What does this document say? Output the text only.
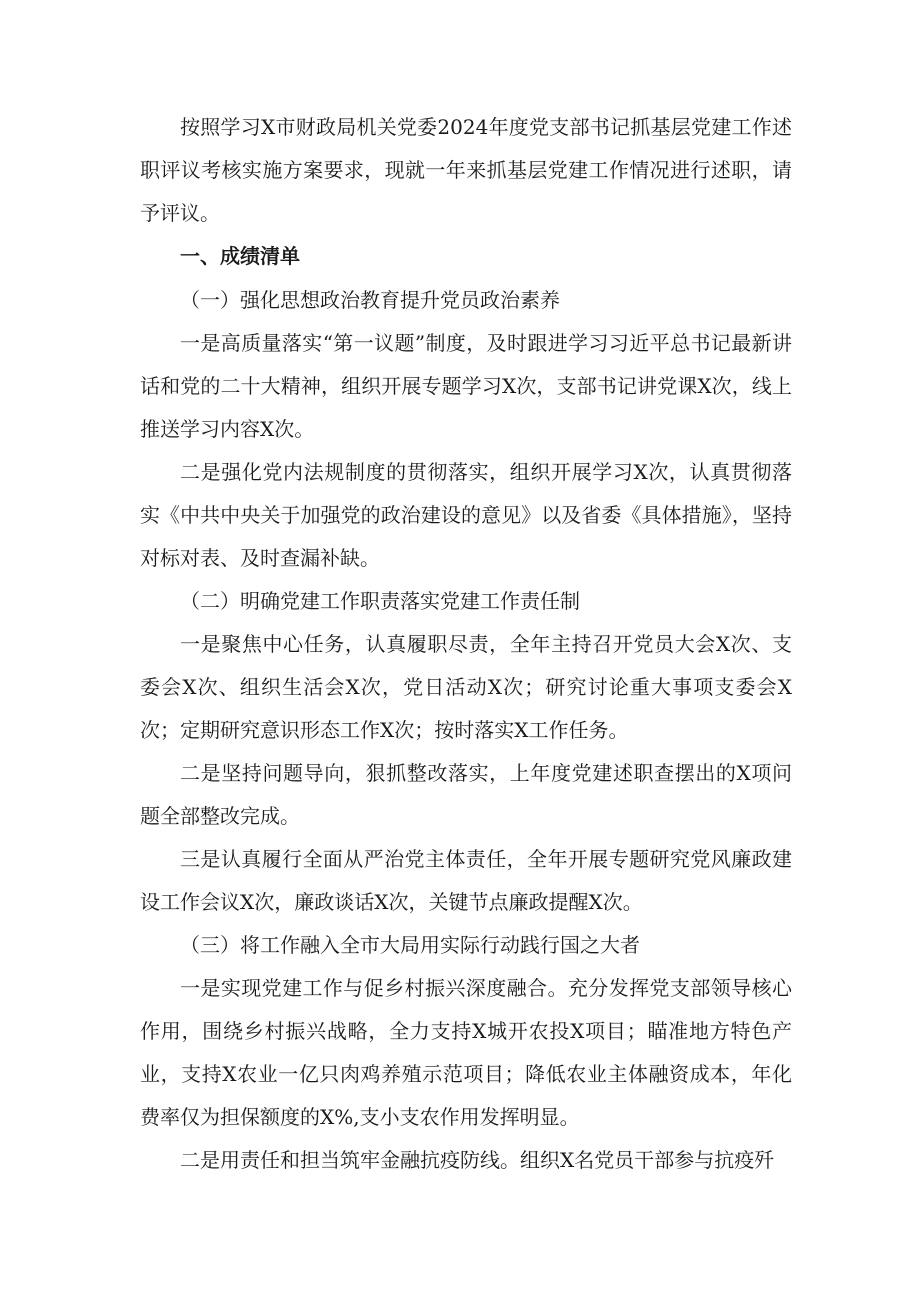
按照学习X市财政局机关党委2024年度党支部书记抓基层党建工作述职评议考核实施方案要求，现就一年来抓基层党建工作情况进行述职，请予评议。

一、成绩清单

（一）强化思想政治教育提升党员政治素养

一是高质量落实“第一议题”制度，及时跟进学习习近平总书记最新讲话和党的二十大精神，组织开展专题学习X次，支部书记讲党课X次，线上推送学习内容X次。

二是强化党内法规制度的贯彻落实，组织开展学习X次，认真贯彻落实《中共中央关于加强党的政治建设的意见》以及省委《具体措施》，坚持对标对表、及时查漏补缺。

（二）明确党建工作职责落实党建工作责任制

一是聚焦中心任务，认真履职尽责，全年主持召开党员大会X次、支委会X次、组织生活会X次，党日活动X次；研究讨论重大事项支委会X次；定期研究意识形态工作X次；按时落实X工作任务。

二是坚持问题导向，狠抓整改落实，上年度党建述职查摆出的X项问题全部整改完成。

三是认真履行全面从严治党主体责任，全年开展专题研究党风廉政建设工作会议X次，廉政谈话X次，关键节点廉政提醒X次。

（三）将工作融入全市大局用实际行动践行国之大者

一是实现党建工作与促乡村振兴深度融合。充分发挥党支部领导核心作用，围绕乡村振兴战略，全力支持X城开农投X项目；瞄准地方特色产业，支持X农业一亿只肉鸡养殖示范项目；降低农业主体融资成本，年化费率仅为担保额度的X%,支小支农作用发挥明显。

二是用责任和担当筑牢金融抗疫防线。组织X名党员干部参与抗疫歼
